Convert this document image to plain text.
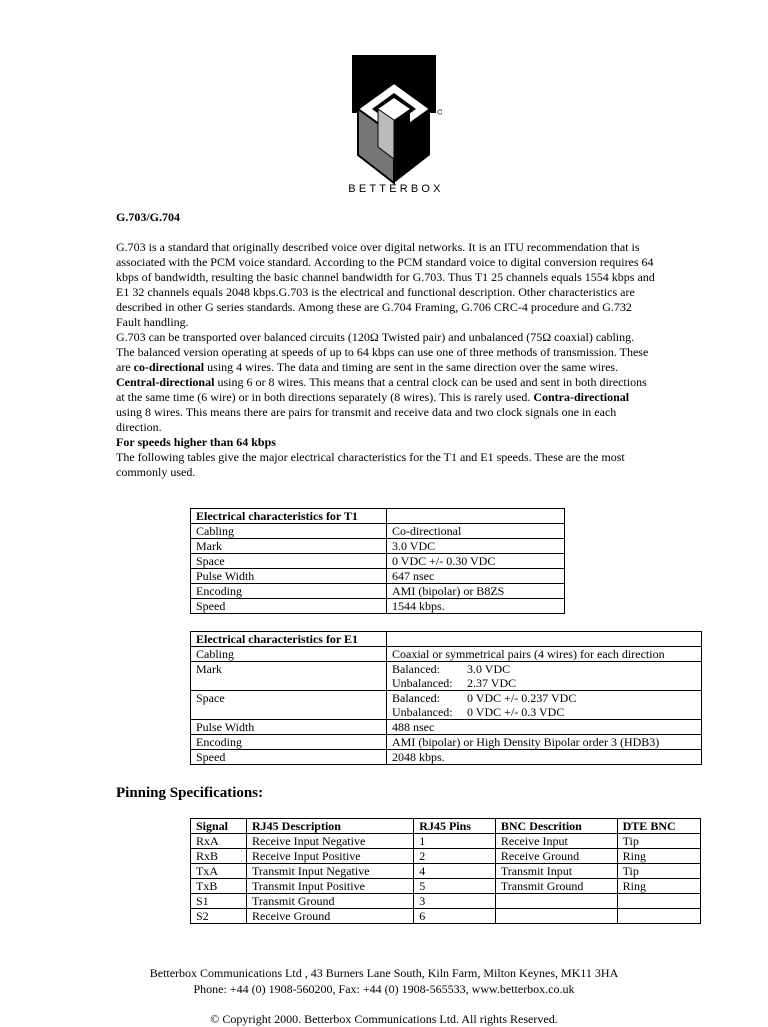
BETTERBOX

G.703/G.704

G.703 is a standard that originally described voice over digital networks. It is an ITU recommendation that is associated with the PCM voice standard. According to the PCM standard voice to digital conversion requires 64 kbps of bandwidth, resulting the basic channel bandwidth for G.703. Thus T1 25 channels equals 1554 kbps and E1 32 channels equals 2048 kbps.G.703 is the electrical and functional description. Other characteristics are described in other G series standards. Among these are G.704 Framing, G.706 CRC-4 procedure and G.732 Fault handling.

G.703 can be transported over balanced circuits (120Ω Twisted pair) and unbalanced (75Ω coaxial) cabling.

The balanced version operating at speeds of up to 64 kbps can use one of three methods of transmission. These are co-directional using 4 wires. The data and timing are sent in the same direction over the same wires. Central-directional using 6 or 8 wires. This means that a central clock can be used and sent in both directions at the same time (6 wire) or in both directions separately (8 wires). This is rarely used. Contra-directional using 8 wires. This means there are pairs for transmit and receive data and two clock signals one in each direction.

For speeds higher than 64 kbps

The following tables give the major electrical characteristics for the T1 and E1 speeds. These are the most commonly used.

Electrical characteristics for T1	
Cabling	Co-directional
Mark	3.0 VDC
Space	0 VDC +/- 0.30 VDC
Pulse Width	647 nsec
Encoding	AMI (bipolar) or B8ZS
Speed	1544 kbps.
Electrical characteristics for E1	
Cabling	Coaxial or symmetrical pairs (4 wires) for each direction
Mark	Balanced: 3.0 VDC
Unbalanced: 2.37 VDC

Space	Balanced: 0 VDC +/- 0.237 VDC
Unbalanced: 0 VDC +/- 0.3 VDC

Pulse Width	488 nsec
Encoding	AMI (bipolar) or High Density Bipolar order 3 (HDB3)
Speed	2048 kbps.
Pinning Specifications:
Signal	RJ45 Description	RJ45 Pins	BNC Descrition	DTE BNC
RxA	Receive Input Negative	1	Receive Input	Tip
RxB	Receive Input Positive	2	Receive Ground	Ring
TxA	Transmit Input Negative	4	Transmit Input	Tip
TxB	Transmit Input Positive	5	Transmit Ground	Ring
S1	Transmit Ground	3		
S2	Receive Ground	6		
Betterbox Communications Ltd , 43 Burners Lane South, Kiln Farm, Milton Keynes, MK11 3HA
Phone: +44 (0) 1908-560200, Fax: +44 (0) 1908-565533, www.betterbox.co.uk
© Copyright 2000. Betterbox Communications Ltd. All rights Reserved.
